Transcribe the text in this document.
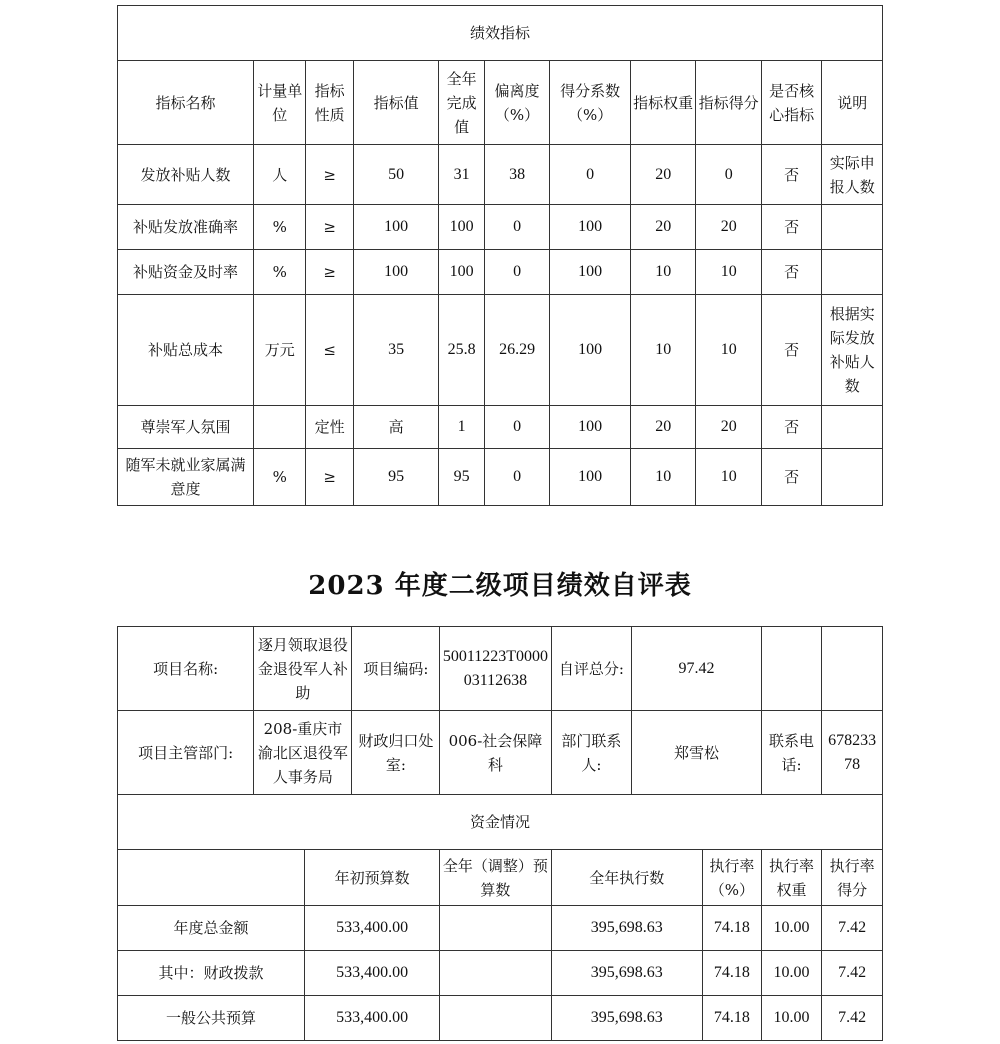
绩效指标										
指标名称	计量单位	指标性质	指标值	全年完成值	偏离度（%）	得分系数（%）	指标权重	指标得分	是否核心指标	说明
发放补贴人数	人	≥	50	31	38	0	20	0	否	实际申报人数
补贴发放准确率	%	≥	100	100	0	100	20	20	否	
补贴资金及时率	%	≥	100	100	0	100	10	10	否	
补贴总成本	万元	≤	35	25.8	26.29	100	10	10	否	根据实际发放补贴人数
尊崇军人氛围		定性	高	1	0	100	20	20	否	
随军未就业家属满意度	%	≥	95	95	0	100	10	10	否	
2023 年度二级项目绩效自评表
项目名称:	逐月领取退役金退役军人补助		项目编码:	50011223T000003112638	自评总分:	97.42			
项目主管部门:	208-重庆市渝北区退役军人事务局		财政归口处室:	006-社会保障科	部门联系人:	郑雪松		联系电话:	67823378
资金情况									
		年初预算数		全年（调整）预算数	全年执行数		执行率（%）	执行率权重	执行率得分
年度总金额		533,400.00			395,698.63		74.18	10.00	7.42
其中：财政拨款		533,400.00			395,698.63		74.18	10.00	7.42
一般公共预算		533,400.00			395,698.63		74.18	10.00	7.42
